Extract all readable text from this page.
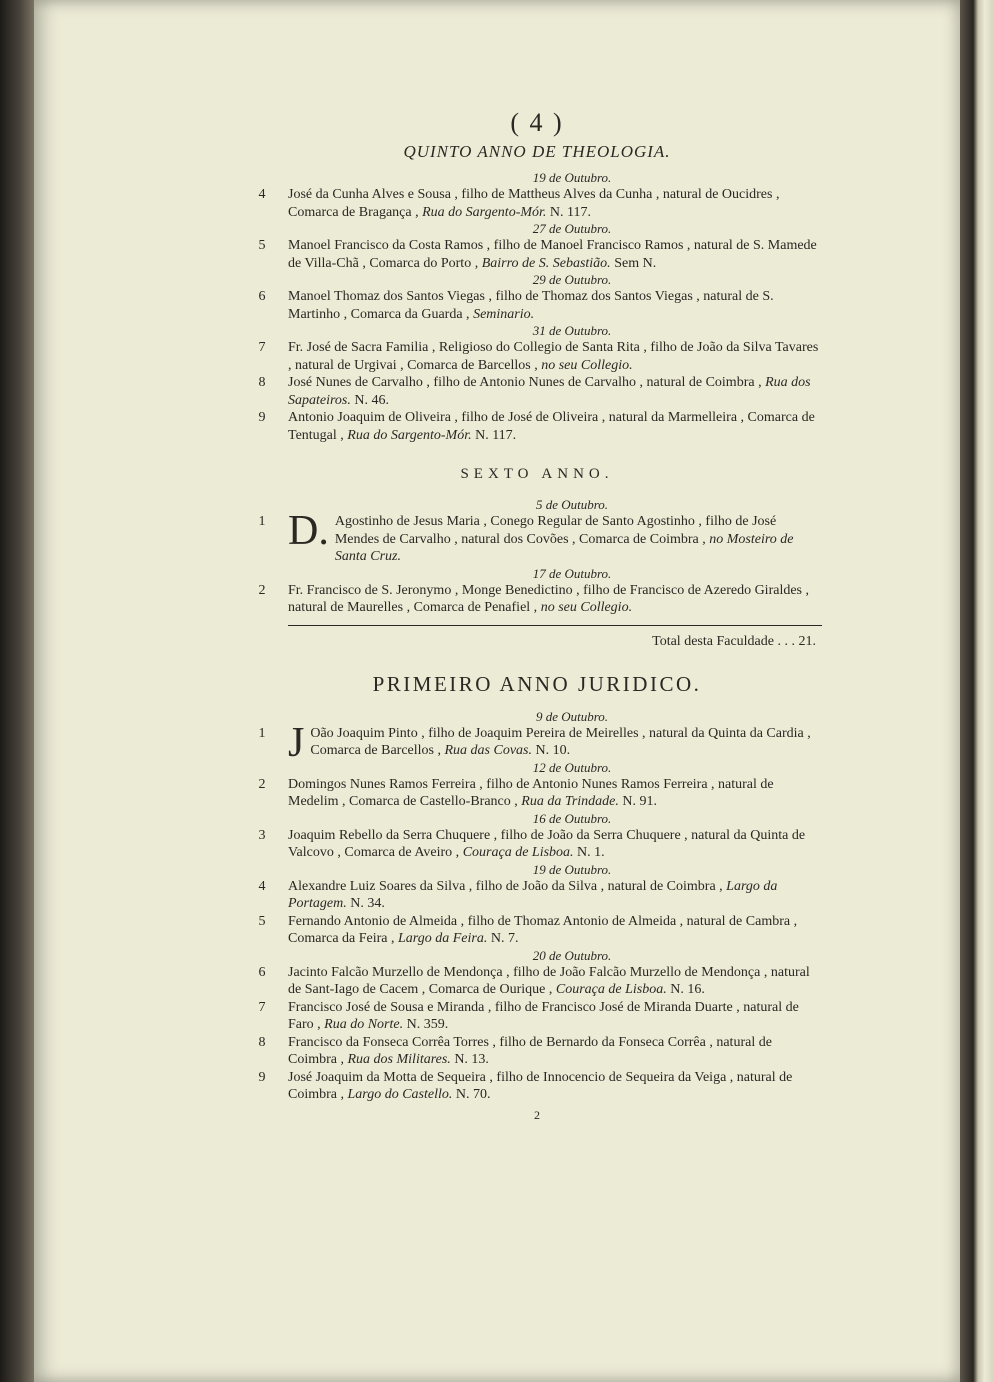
( 4 )
QUINTO ANNO DE THEOLOGIA.
19 de Outubro.
4	José da Cunha Alves e Sousa , filho de Mattheus Alves da Cunha , natural de Oucidres , Comarca de Bragança , Rua do Sargento-Mór. N. 117.
27 de Outubro.
5	Manoel Francisco da Costa Ramos , filho de Manoel Francisco Ramos , natural de S. Mamede de Villa-Chã , Comarca do Porto , Bairro de S. Sebastião. Sem N.
29 de Outubro.
6	Manoel Thomaz dos Santos Viegas , filho de Thomaz dos Santos Viegas , natural de S. Martinho , Comarca da Guarda , Seminario.
31 de Outubro.
7	Fr. José de Sacra Familia , Religioso do Collegio de Santa Rita , filho de João da Silva Tavares , natural de Urgivai , Comarca de Barcellos , no seu Collegio.
8	José Nunes de Carvalho , filho de Antonio Nunes de Carvalho , natural de Coimbra , Rua dos Sapateiros. N. 46.
9	Antonio Joaquim de Oliveira , filho de José de Oliveira , natural da Marmelleira , Comarca de Tentugal , Rua do Sargento-Mór. N. 117.
SEXTO ANNO.
5 de Outubro.
1 D. Agostinho de Jesus Maria , Conego Regular de Santo Agostinho , filho de José Mendes de Carvalho , natural dos Covões , Comarca de Coimbra , no Mosteiro de Santa Cruz.
17 de Outubro.
2	Fr. Francisco de S. Jeronymo , Monge Benedictino , filho de Francisco de Azeredo Giraldes , natural de Maurelles , Comarca de Penafiel , no seu Collegio.
Total desta Faculdade . . . 21.
PRIMEIRO ANNO JURIDICO.
9 de Outubro.
1 J Oão Joaquim Pinto , filho de Joaquim Pereira de Meirelles , natural da Quinta da Cardia , Comarca de Barcellos , Rua das Covas. N. 10.
12 de Outubro.
2	Domingos Nunes Ramos Ferreira , filho de Antonio Nunes Ramos Ferreira , natural de Medelim , Comarca de Castello-Branco , Rua da Trindade. N. 91.
16 de Outubro.
3	Joaquim Rebello da Serra Chuquere , filho de João da Serra Chuquere , natural da Quinta de Valcovo , Comarca de Aveiro , Couraça de Lisboa. N. 1.
19 de Outubro.
4	Alexandre Luiz Soares da Silva , filho de João da Silva , natural de Coimbra , Largo da Portagem. N. 34.
5	Fernando Antonio de Almeida , filho de Thomaz Antonio de Almeida , natural de Cambra , Comarca da Feira , Largo da Feira. N. 7.
20 de Outubro.
6	Jacinto Falcão Murzello de Mendonça , filho de João Falcão Murzello de Mendonça , natural de Sant-Iago de Cacem , Comarca de Ourique , Couraça de Lisboa. N. 16.
7	Francisco José de Sousa e Miranda , filho de Francisco José de Miranda Duarte , natural de Faro , Rua do Norte. N. 359.
8	Francisco da Fonseca Corrêa Torres , filho de Bernardo da Fonseca Corrêa , natural de Coimbra , Rua dos Militares. N. 13.
9	José Joaquim da Motta de Sequeira , filho de Innocencio de Sequeira da Veiga , natural de Coimbra , Largo do Castello. N. 70.
2
